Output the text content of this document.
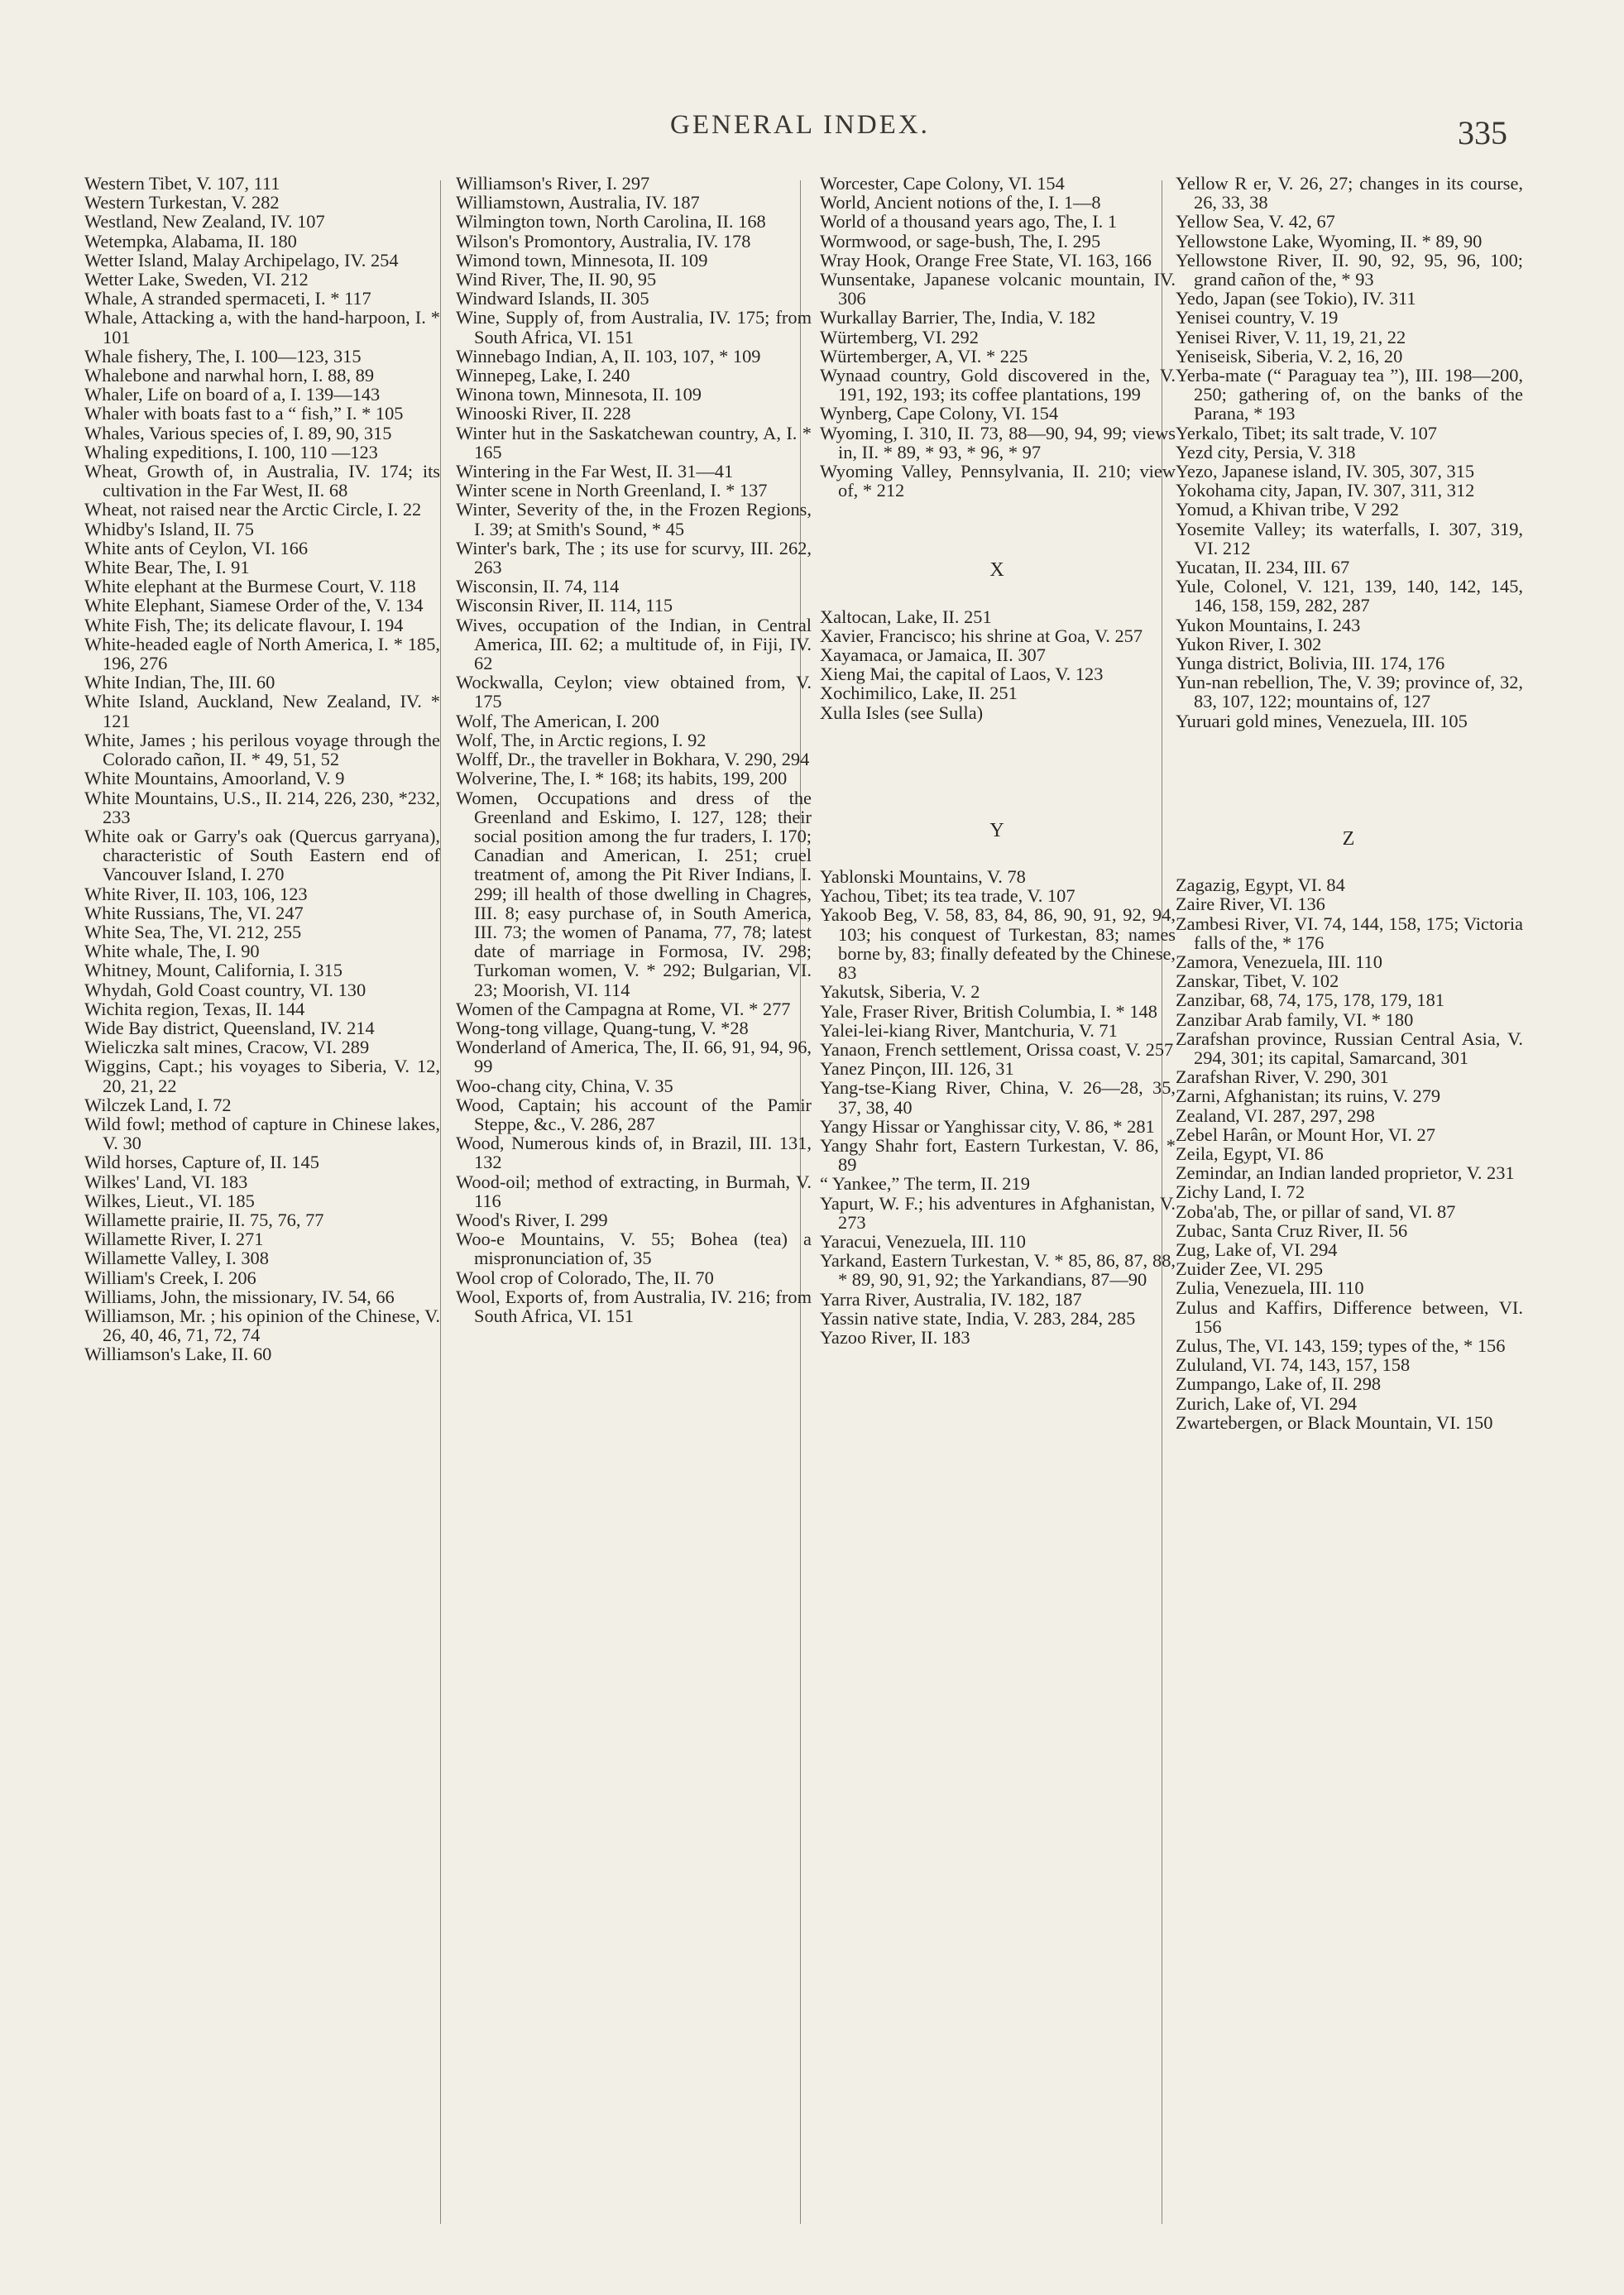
GENERAL INDEX.	335
Western Tibet, V. 107, 111
Western Turkestan, V. 282
Westland, New Zealand, IV. 107
Wetempka, Alabama, II. 180
Wetter Island, Malay Archipelago, IV. 254
Wetter Lake, Sweden, VI. 212
Whale, A stranded spermaceti, I. * 117
Whale, Attacking a, with the hand-harpoon, I. * 101
Whale fishery, The, I. 100—123, 315
Whalebone and narwhal horn, I. 88, 89
Whaler, Life on board of a, I. 139—143
Whaler with boats fast to a “ fish,” I. * 105
Whales, Various species of, I. 89, 90, 315
Whaling expeditions, I. 100, 110 —123
Wheat, Growth of, in Australia, IV. 174; its cultivation in the Far West, II. 68
Wheat, not raised near the Arctic Circle, I. 22
Whidby's Island, II. 75
White ants of Ceylon, VI. 166
White Bear, The, I. 91
White elephant at the Burmese Court, V. 118
White Elephant, Siamese Order of the, V. 134
White Fish, The; its delicate flavour, I. 194
White-headed eagle of North America, I. * 185, 196, 276
White Indian, The, III. 60
White Island, Auckland, New Zealand, IV. * 121
White, James ; his perilous voyage through the Colorado cañon, II. * 49, 51, 52
White Mountains, Amoorland, V. 9
White Mountains, U.S., II. 214, 226, 230, *232, 233
White oak or Garry's oak (Quercus garryana), characteristic of South Eastern end of Vancouver Island, I. 270
White River, II. 103, 106, 123
White Russians, The, VI. 247
White Sea, The, VI. 212, 255
White whale, The, I. 90
Whitney, Mount, California, I. 315
Whydah, Gold Coast country, VI. 130
Wichita region, Texas, II. 144
Wide Bay district, Queensland, IV. 214
Wieliczka salt mines, Cracow, VI. 289
Wiggins, Capt.; his voyages to Siberia, V. 12, 20, 21, 22
Wilczek Land, I. 72
Wild fowl; method of capture in Chinese lakes, V. 30
Wild horses, Capture of, II. 145
Wilkes' Land, VI. 183
Wilkes, Lieut., VI. 185
Willamette prairie, II. 75, 76, 77
Willamette River, I. 271
Willamette Valley, I. 308
William's Creek, I. 206
Williams, John, the missionary, IV. 54, 66
Williamson, Mr. ; his opinion of the Chinese, V. 26, 40, 46, 71, 72, 74
Williamson's Lake, II. 60
Williamson's River, I. 297
Williamstown, Australia, IV. 187
Wilmington town, North Carolina, II. 168
Wilson's Promontory, Australia, IV. 178
Wimond town, Minnesota, II. 109
Wind River, The, II. 90, 95
Windward Islands, II. 305
Wine, Supply of, from Australia, IV. 175; from South Africa, VI. 151
Winnebago Indian, A, II. 103, 107, * 109
Winnepeg, Lake, I. 240
Winona town, Minnesota, II. 109
Winooski River, II. 228
Winter hut in the Saskatchewan country, A, I. * 165
Wintering in the Far West, II. 31—41
Winter scene in North Greenland, I. * 137
Winter, Severity of the, in the Frozen Regions, I. 39; at Smith's Sound, * 45
Winter's bark, The ; its use for scurvy, III. 262, 263
Wisconsin, II. 74, 114
Wisconsin River, II. 114, 115
Wives, occupation of the Indian, in Central America, III. 62; a multitude of, in Fiji, IV. 62
Wockwalla, Ceylon; view obtained from, V. 175
Wolf, The American, I. 200
Wolf, The, in Arctic regions, I. 92
Wolff, Dr., the traveller in Bokhara, V. 290, 294
Wolverine, The, I. * 168; its habits, 199, 200
Women, Occupations and dress of the Greenland and Eskimo, I. 127, 128; their social position among the fur traders, I. 170; Canadian and American, I. 251; cruel treatment of, among the Pit River Indians, I. 299; ill health of those dwelling in Chagres, III. 8; easy purchase of, in South America, III. 73; the women of Panama, 77, 78; latest date of marriage in Formosa, IV. 298; Turkoman women, V. * 292; Bulgarian, VI. 23; Moorish, VI. 114
Women of the Campagna at Rome, VI. * 277
Wong-tong village, Quang-tung, V. *28
Wonderland of America, The, II. 66, 91, 94, 96, 99
Woo-chang city, China, V. 35
Wood, Captain; his account of the Pamir Steppe, &c., V. 286, 287
Wood, Numerous kinds of, in Brazil, III. 131, 132
Wood-oil; method of extracting, in Burmah, V. 116
Wood's River, I. 299
Woo-e Mountains, V. 55; Bohea (tea) a mispronunciation of, 35
Wool crop of Colorado, The, II. 70
Wool, Exports of, from Australia, IV. 216; from South Africa, VI. 151
Worcester, Cape Colony, VI. 154
World, Ancient notions of the, I. 1—8
World of a thousand years ago, The, I. 1
Wormwood, or sage-bush, The, I. 295
Wray Hook, Orange Free State, VI. 163, 166
Wunsentake, Japanese volcanic mountain, IV. 306
Wurkallay Barrier, The, India, V. 182
Würtemberg, VI. 292
Würtemberger, A, VI. * 225
Wynaad country, Gold discovered in the, V. 191, 192, 193; its coffee plantations, 199
Wynberg, Cape Colony, VI. 154
Wyoming, I. 310, II. 73, 88—90, 94, 99; views in, II. * 89, * 93, * 96, * 97
Wyoming Valley, Pennsylvania, II. 210; view of, * 212
X
Xaltocan, Lake, II. 251
Xavier, Francisco; his shrine at Goa, V. 257
Xayamaca, or Jamaica, II. 307
Xieng Mai, the capital of Laos, V. 123
Xochimilico, Lake, II. 251
Xulla Isles (see Sulla)
Y
Yablonski Mountains, V. 78
Yachou, Tibet; its tea trade, V. 107
Yakoob Beg, V. 58, 83, 84, 86, 90, 91, 92, 94, 103; his conquest of Turkestan, 83; names borne by, 83; finally defeated by the Chinese, 83
Yakutsk, Siberia, V. 2
Yale, Fraser River, British Columbia, I. * 148
Yalei-lei-kiang River, Mantchuria, V. 71
Yanaon, French settlement, Orissa coast, V. 257
Yanez Pinçon, III. 126, 31
Yang-tse-Kiang River, China, V. 26—28, 35, 37, 38, 40
Yangy Hissar or Yanghissar city, V. 86, * 281
Yangy Shahr fort, Eastern Turkestan, V. 86, * 89
“ Yankee,” The term, II. 219
Yapurt, W. F.; his adventures in Afghanistan, V. 273
Yaracui, Venezuela, III. 110
Yarkand, Eastern Turkestan, V. * 85, 86, 87, 88, * 89, 90, 91, 92; the Yarkandians, 87—90
Yarra River, Australia, IV. 182, 187
Yassin native state, India, V. 283, 284, 285
Yazoo River, II. 183
Yellow R er, V. 26, 27; changes in its course, 26, 33, 38
Yellow Sea, V. 42, 67
Yellowstone Lake, Wyoming, II. * 89, 90
Yellowstone River, II. 90, 92, 95, 96, 100; grand cañon of the, * 93
Yedo, Japan (see Tokio), IV. 311
Yenisei country, V. 19
Yenisei River, V. 11, 19, 21, 22
Yeniseisk, Siberia, V. 2, 16, 20
Yerba-mate (“ Paraguay tea ”), III. 198—200, 250; gathering of, on the banks of the Parana, * 193
Yerkalo, Tibet; its salt trade, V. 107
Yezd city, Persia, V. 318
Yezo, Japanese island, IV. 305, 307, 315
Yokohama city, Japan, IV. 307, 311, 312
Yomud, a Khivan tribe, V 292
Yosemite Valley; its waterfalls, I. 307, 319, VI. 212
Yucatan, II. 234, III. 67
Yule, Colonel, V. 121, 139, 140, 142, 145, 146, 158, 159, 282, 287
Yukon Mountains, I. 243
Yukon River, I. 302
Yunga district, Bolivia, III. 174, 176
Yun-nan rebellion, The, V. 39; province of, 32, 83, 107, 122; mountains of, 127
Yuruari gold mines, Venezuela, III. 105
Z
Zagazig, Egypt, VI. 84
Zaire River, VI. 136
Zambesi River, VI. 74, 144, 158, 175; Victoria falls of the, * 176
Zamora, Venezuela, III. 110
Zanskar, Tibet, V. 102
Zanzibar, 68, 74, 175, 178, 179, 181
Zanzibar Arab family, VI. * 180
Zarafshan province, Russian Central Asia, V. 294, 301; its capital, Samarcand, 301
Zarafshan River, V. 290, 301
Zarni, Afghanistan; its ruins, V. 279
Zealand, VI. 287, 297, 298
Zebel Harân, or Mount Hor, VI. 27
Zeila, Egypt, VI. 86
Zemindar, an Indian landed proprietor, V. 231
Zichy Land, I. 72
Zoba'ab, The, or pillar of sand, VI. 87
Zubac, Santa Cruz River, II. 56
Zug, Lake of, VI. 294
Zuider Zee, VI. 295
Zulia, Venezuela, III. 110
Zulus and Kaffirs, Difference between, VI. 156
Zulus, The, VI. 143, 159; types of the, * 156
Zululand, VI. 74, 143, 157, 158
Zumpango, Lake of, II. 298
Zurich, Lake of, VI. 294
Zwartebergen, or Black Mountain, VI. 150
